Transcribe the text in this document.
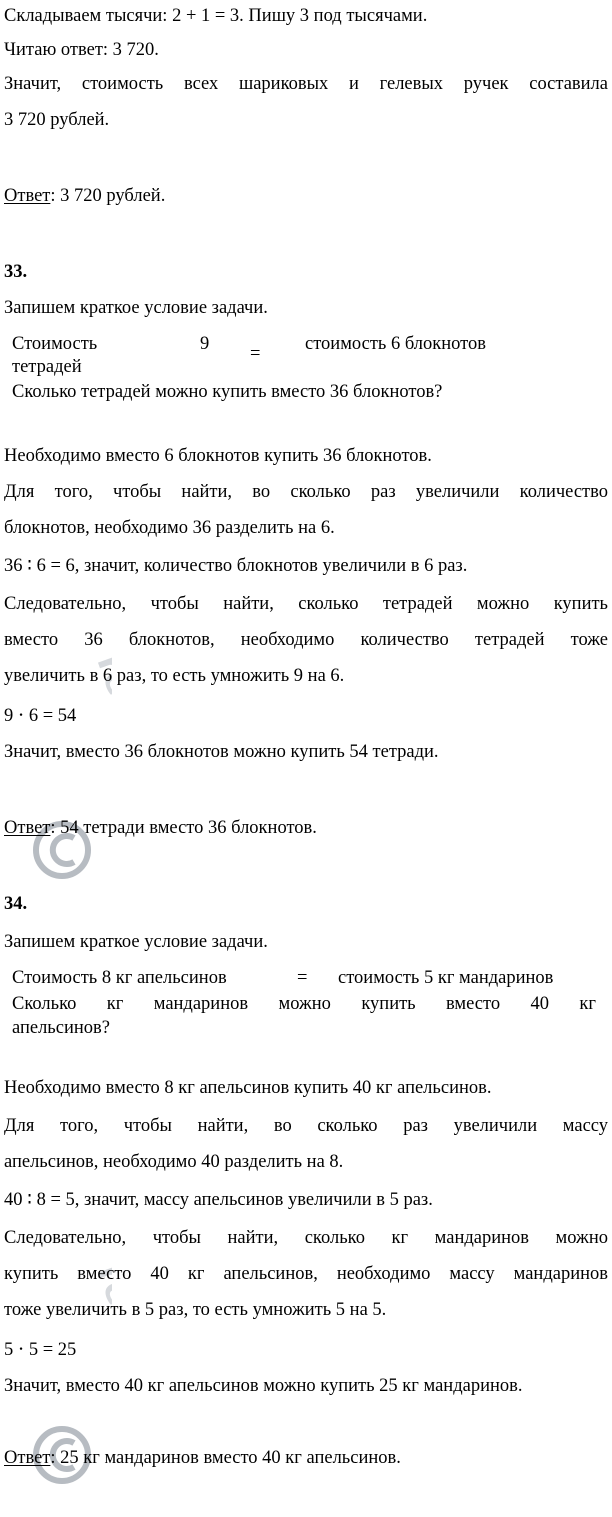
reshak.ru
reshak.ru
Складываем тысячи: 2 + 1 = 3. Пишу 3 под тысячами.
Читаю ответ: 3 720.
Значит, стоимость всех шариковых и гелевых ручек составила
3 720 рублей.
Ответ: 3 720 рублей.
33.
Запишем краткое условие задачи.
Стоимость
тетрадей
9 = стоимость 6 блокнотов
Сколько тетрадей можно купить вместо 36 блокнотов?
Необходимо вместо 6 блокнотов купить 36 блокнотов.
Для того, чтобы найти, во сколько раз увеличили количество
блокнотов, необходимо 36 разделить на 6.
36 ∶ 6 = 6, значит, количество блокнотов увеличили в 6 раз.
Следовательно, чтобы найти, сколько тетрадей можно купить
вместо 36 блокнотов, необходимо количество тетрадей тоже
увеличить в 6 раз, то есть умножить 9 на 6.
9 ⋅ 6 = 54
Значит, вместо 36 блокнотов можно купить 54 тетради.
Ответ: 54 тетради вместо 36 блокнотов.
34.
Запишем краткое условие задачи.
Стоимость 8 кг апельсинов	= стоимость 5 кг мандаринов
Сколько кг мандаринов можно купить вместо 40 кг
апельсинов?
Необходимо вместо 8 кг апельсинов купить 40 кг апельсинов.
Для того, чтобы найти, во сколько раз увеличили массу
апельсинов, необходимо 40 разделить на 8.
40 ∶ 8 = 5, значит, массу апельсинов увеличили в 5 раз.
Следовательно, чтобы найти, сколько кг мандаринов можно
купить вместо 40 кг апельсинов, необходимо массу мандаринов
тоже увеличить в 5 раз, то есть умножить 5 на 5.
5 ⋅ 5 = 25
Значит, вместо 40 кг апельсинов можно купить 25 кг мандаринов.
Ответ: 25 кг мандаринов вместо 40 кг апельсинов.
